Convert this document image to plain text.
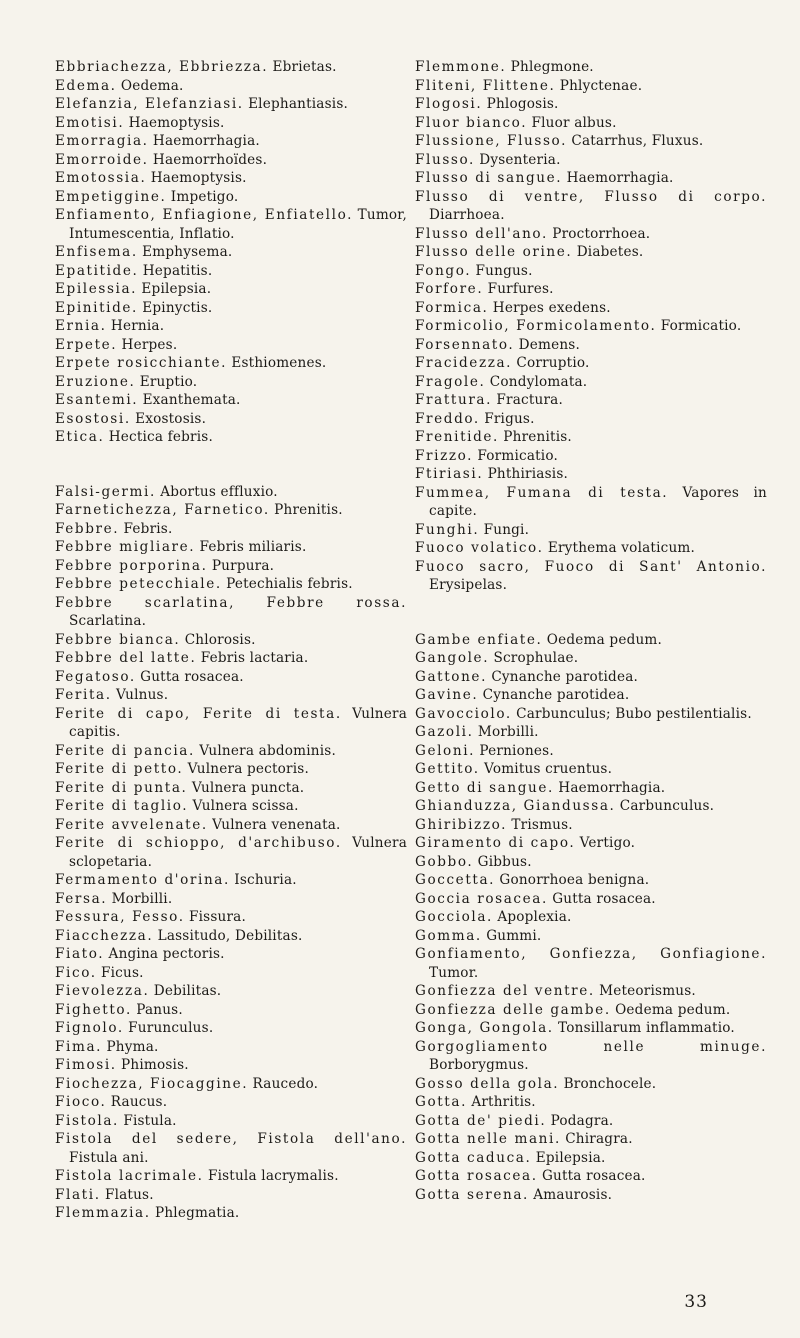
Ebbriachezza, Ebbriezza. Ebrietas.

Edema. Oedema.

Elefanzia, Elefanziasi. Elephantiasis.

Emotisi. Haemoptysis.

Emorragia. Haemorrhagia.

Emorroide. Haemorrhoïdes.

Emotossia. Haemoptysis.

Empetiggine. Impetigo.

Enfiamento, Enfiagione, Enfiatello. Tumor, Intumescentia, Inflatio.

Enfisema. Emphysema.

Epatitide. Hepatitis.

Epilessia. Epilepsia.

Epinitide. Epinyctis.

Ernia. Hernia.

Erpete. Herpes.

Erpete rosicchiante. Esthiomenes.

Eruzione. Eruptio.

Esantemi. Exanthemata.

Esostosi. Exostosis.

Etica. Hectica febris.

Falsi-germi. Abortus effluxio.

Farnetichezza, Farnetico. Phrenitis.

Febbre. Febris.

Febbre migliare. Febris miliaris.

Febbre porporina. Purpura.

Febbre petecchiale. Petechialis febris.

Febbre scarlatina, Febbre rossa. Scarlatina.

Febbre bianca. Chlorosis.

Febbre del latte. Febris lactaria.

Fegatoso. Gutta rosacea.

Ferita. Vulnus.

Ferite di capo, Ferite di testa. Vulnera capitis.

Ferite di pancia. Vulnera abdominis.

Ferite di petto. Vulnera pectoris.

Ferite di punta. Vulnera puncta.

Ferite di taglio. Vulnera scissa.

Ferite avvelenate. Vulnera venenata.

Ferite di schioppo, d'archibuso. Vulnera sclopetaria.

Fermamento d'orina. Ischuria.

Fersa. Morbilli.

Fessura, Fesso. Fissura.

Fiacchezza. Lassitudo, Debilitas.

Fiato. Angina pectoris.

Fico. Ficus.

Fievolezza. Debilitas.

Fighetto. Panus.

Fignolo. Furunculus.

Fima. Phyma.

Fimosi. Phimosis.

Fiochezza, Fiocaggine. Raucedo.

Fioco. Raucus.

Fistola. Fistula.

Fistola del sedere, Fistola dell'ano. Fistula ani.

Fistola lacrimale. Fistula lacrymalis.

Flati. Flatus.

Flemmazia. Phlegmatia.

Flemmone. Phlegmone.

Fliteni, Flittene. Phlyctenae.

Flogosi. Phlogosis.

Fluor bianco. Fluor albus.

Flussione, Flusso. Catarrhus, Fluxus.

Flusso. Dysenteria.

Flusso di sangue. Haemorrhagia.

Flusso di ventre, Flusso di corpo. Diarrhoea.

Flusso dell'ano. Proctorrhoea.

Flusso delle orine. Diabetes.

Fongo. Fungus.

Forfore. Furfures.

Formica. Herpes exedens.

Formicolio, Formicolamento. Formicatio.

Forsennato. Demens.

Fracidezza. Corruptio.

Fragole. Condylomata.

Frattura. Fractura.

Freddo. Frigus.

Frenitide. Phrenitis.

Frizzo. Formicatio.

Ftiriasi. Phthiriasis.

Fummea, Fumana di testa. Vapores in capite.

Funghi. Fungi.

Fuoco volatico. Erythema volaticum.

Fuoco sacro, Fuoco di Sant' Antonio. Erysipelas.

Gambe enfiate. Oedema pedum.

Gangole. Scrophulae.

Gattone. Cynanche parotidea.

Gavine. Cynanche parotidea.

Gavocciolo. Carbunculus; Bubo pestilentialis.

Gazoli. Morbilli.

Geloni. Perniones.

Gettito. Vomitus cruentus.

Getto di sangue. Haemorrhagia.

Ghianduzza, Giandussa. Carbunculus.

Ghiribizzo. Trismus.

Giramento di capo. Vertigo.

Gobbo. Gibbus.

Goccetta. Gonorrhoea benigna.

Goccia rosacea. Gutta rosacea.

Gocciola. Apoplexia.

Gomma. Gummi.

Gonfiamento, Gonfiezza, Gonfiagione. Tumor.

Gonfiezza del ventre. Meteorismus.

Gonfiezza delle gambe. Oedema pedum.

Gonga, Gongola. Tonsillarum inflammatio.

Gorgogliamento nelle minuge. Borborygmus.

Gosso della gola. Bronchocele.

Gotta. Arthritis.

Gotta de' piedi. Podagra.

Gotta nelle mani. Chiragra.

Gotta caduca. Epilepsia.

Gotta rosacea. Gutta rosacea.

Gotta serena. Amaurosis.

33
